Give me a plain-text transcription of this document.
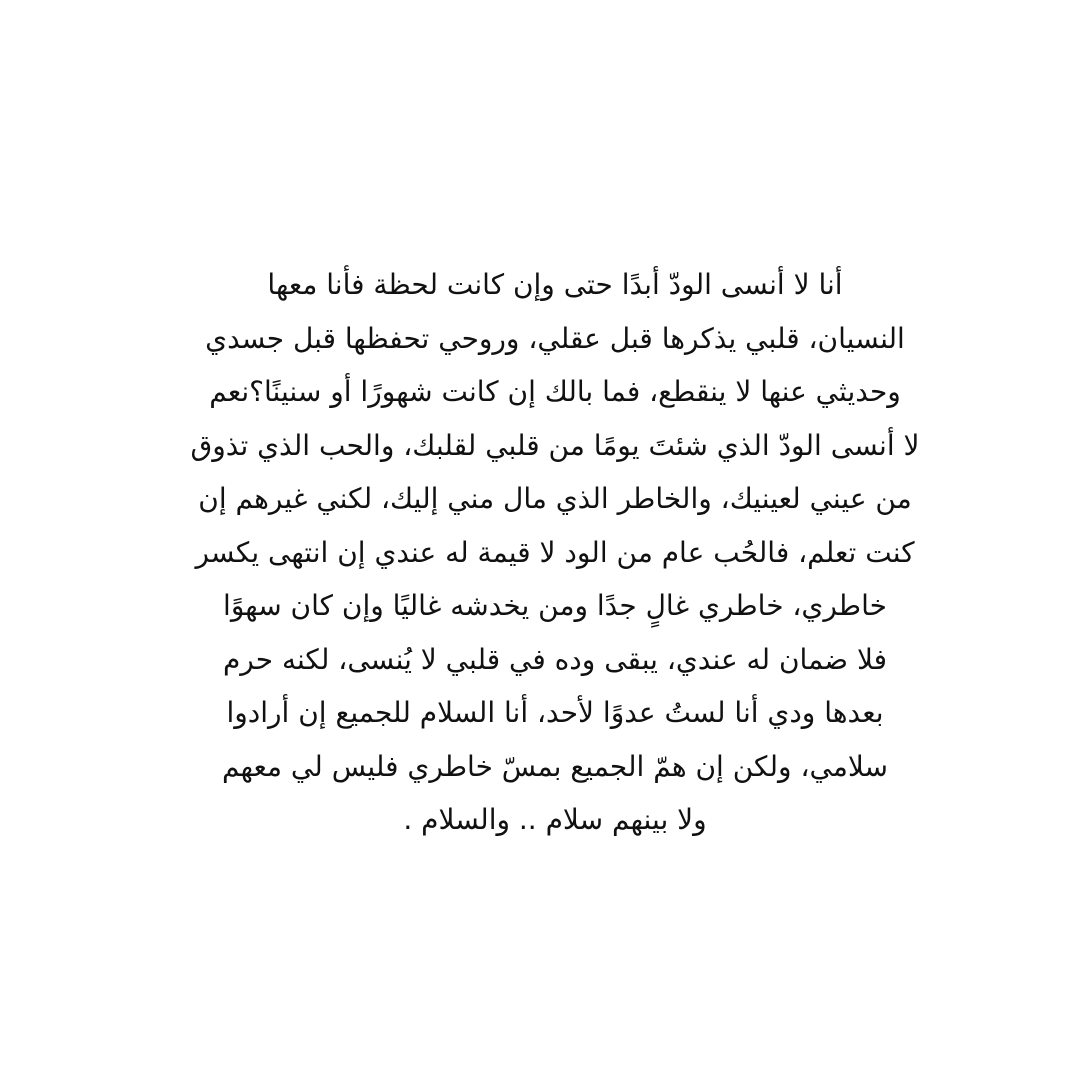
أنا لا أنسى الودّ أبدًا حتى وإن كانت لحظة فأنا معها
النسيان، قلبي يذكرها قبل عقلي، وروحي تحفظها قبل جسدي
وحديثي عنها لا ينقطع، فما بالك إن كانت شهورًا أو سنينًا؟نعم
لا أنسى الودّ الذي شئتَ يومًا من قلبي لقلبك، والحب الذي تذوق
من عيني لعينيك، والخاطر الذي مال مني إليك، لكني غيرهم إن
كنت تعلم، فالحُب عام من الود لا قيمة له عندي إن انتهى يكسر
خاطري، خاطري غالٍ جدًا ومن يخدشه غاليًا وإن كان سهوًا
فلا ضمان له عندي، يبقى وده في قلبي لا يُنسى، لكنه حرم
بعدها ودي أنا لستُ عدوًا لأحد، أنا السلام للجميع إن أرادوا
سلامي، ولكن إن همّ الجميع بمسّ خاطري فليس لي معهم
ولا بينهم سلام .. والسلام .
